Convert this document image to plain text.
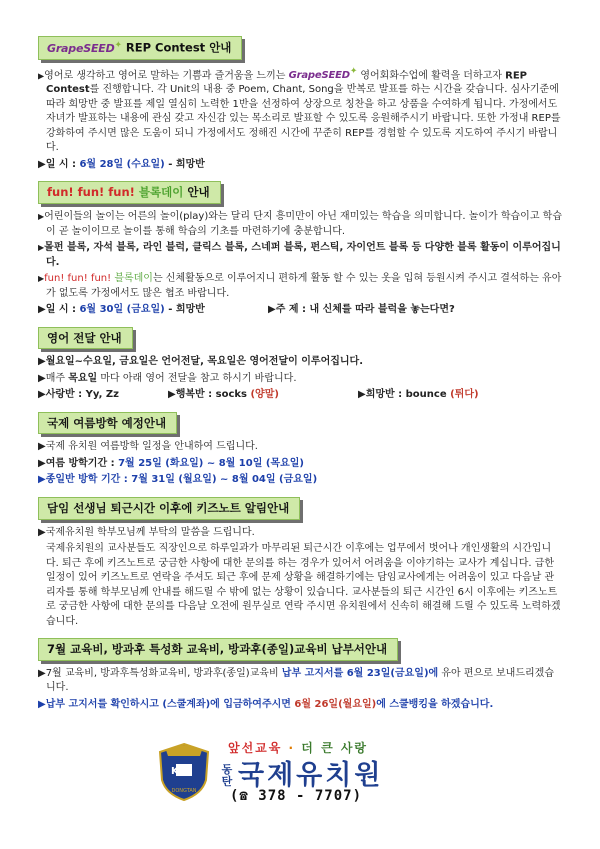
GrapeSEED✦ REP Contest 안내
▶영어로 생각하고 영어로 말하는 기쁨과 즐거움을 느끼는 GrapeSEED✦ 영어회화수업에 활력을 더하고자 REP Contest를 진행합니다. 각 Unit의 내용 중 Poem, Chant, Song을 반복로 발표를 하는 시간을 갖습니다. 심사기준에 따라 희망반 중 발표를 제일 열심히 노력한 1반을 선정하여 상장으로 칭찬을 하고 상품을 수여하게 됩니다. 가정에서도 자녀가 발표하는 내용에 관심 갖고 자신감 있는 목소리로 발표할 수 있도록 응원해주시기 바랍니다. 또한 가정내 REP를 강화하여 주시면 많은 도움이 되니 가정에서도 정해진 시간에 꾸준히 REP를 경험할 수 있도록 지도하여 주시기 바랍니다.
▶일 시 : 6월 28일 (수요일) - 희망반
fun! fun! fun! 블록데이 안내
▶어린이들의 놀이는 어른의 놀이(play)와는 달리 단지 흥미만이 아닌 재미있는 학습을 의미합니다. 놀이가 학습이고 학습이 곧 놀이이므로 놀이를 통해 학습의 기초를 마련하기에 충분합니다.
▶몰펀 블록, 자석 블록, 라인 블럭, 클릭스 블록, 스네퍼 블록, 펀스틱, 자이언트 블록 등 다양한 블록 활동이 이루어집니다.
▶fun! fun! fun! 블록데이는 신체활동으로 이루어지니 편하게 활동 할 수 있는 옷을 입혀 등원시켜 주시고 결석하는 유아가 없도록 가정에서도 많은 협조 바랍니다.
▶일 시 : 6월 30일 (금요일) - 희망반	▶주 제 : 내 신체를 따라 블럭을 놓는다면?
영어 전달 안내
▶월요일~수요일, 금요일은 언어전달, 목요일은 영어전달이 이루어집니다.
▶매주 목요일 마다 아래 영어 전달을 참고 하시기 바랍니다.
▶사랑반 : Yy, Zz	▶행복반 : socks (양말)	▶희망반 : bounce (튀다)
국제 여름방학 예정안내
▶국제 유치원 여름방학 일정을 안내하여 드립니다.
▶여름 방학기간 : 7월 25일 (화요일) ~ 8월 10일 (목요일)
▶종일반 방학 기간 : 7월 31일 (월요일) ~ 8월 04일 (금요일)
담임 선생님 퇴근시간 이후에 키즈노트 알림안내
▶국제유치원 학부모님께 부탁의 말씀을 드립니다.
국제유치원의 교사분들도 직장인으로 하루일과가 마무리된 퇴근시간 이후에는 업무에서 벗어나 개인생활의 시간입니다. 퇴근 후에 키즈노트로 궁금한 사항에 대한 문의를 하는 경우가 있어서 어려움을 이야기하는 교사가 계십니다. 급한 일정이 있어 키즈노트로 연락을 주셔도 퇴근 후에 문제 상황을 해결하기에는 담임교사에게는 어려움이 있고 다음날 관리자를 통해 학부모님께 안내를 해드릴 수 밖에 없는 상황이 있습니다. 교사분들의 퇴근 시간인 6시 이후에는 키즈노트로 궁금한 사항에 대한 문의를 다음날 오전에 원무실로 연락 주시면 유치원에서 신속히 해결해 드릴 수 있도록 노력하겠습니다.
7월 교육비, 방과후 특성화 교육비, 방과후(종일)교육비 납부서안내
▶7월 교육비, 방과후특성화교육비, 방과후(종일)교육비 납부 고지서를 6월 23일(금요일)에 유아 편으로 보내드리겠습니다.
▶납부 고지서를 확인하시고 (스쿨계좌)에 입금하여주시면 6월 26일(월요일)에 스쿨뱅킹을 하겠습니다.
K J
DONGTAN
앞선교육 · 더 큰 사랑
동탄 국제유치원
(☎ 378 - 7707)
